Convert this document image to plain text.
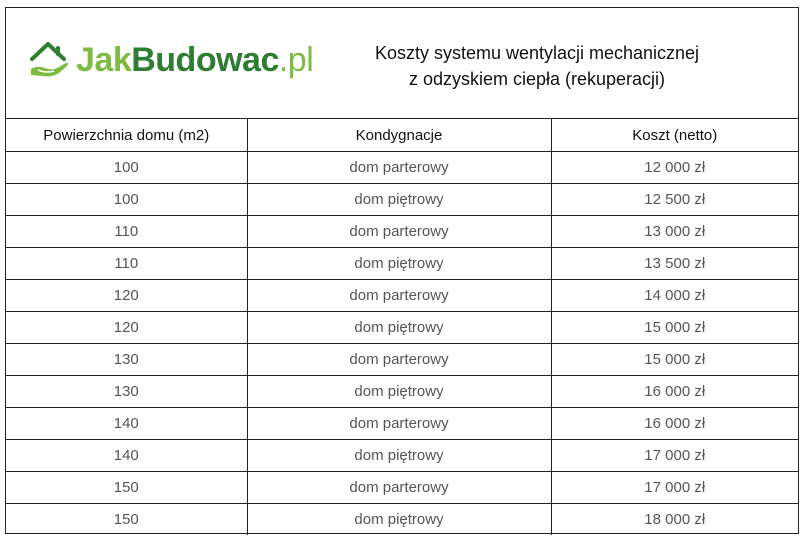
JakBudowac.pl	Koszty systemu wentylacji mechanicznej
z odzyskiem ciepła (rekuperacji)
Powierzchnia domu (m2)	Kondygnacje	Koszt (netto)
100	dom parterowy	12 000 zł
100	dom piętrowy	12 500 zł
110	dom parterowy	13 000 zł
110	dom piętrowy	13 500 zł
120	dom parterowy	14 000 zł
120	dom piętrowy	15 000 zł
130	dom parterowy	15 000 zł
130	dom piętrowy	16 000 zł
140	dom parterowy	16 000 zł
140	dom piętrowy	17 000 zł
150	dom parterowy	17 000 zł
150	dom piętrowy	18 000 zł
